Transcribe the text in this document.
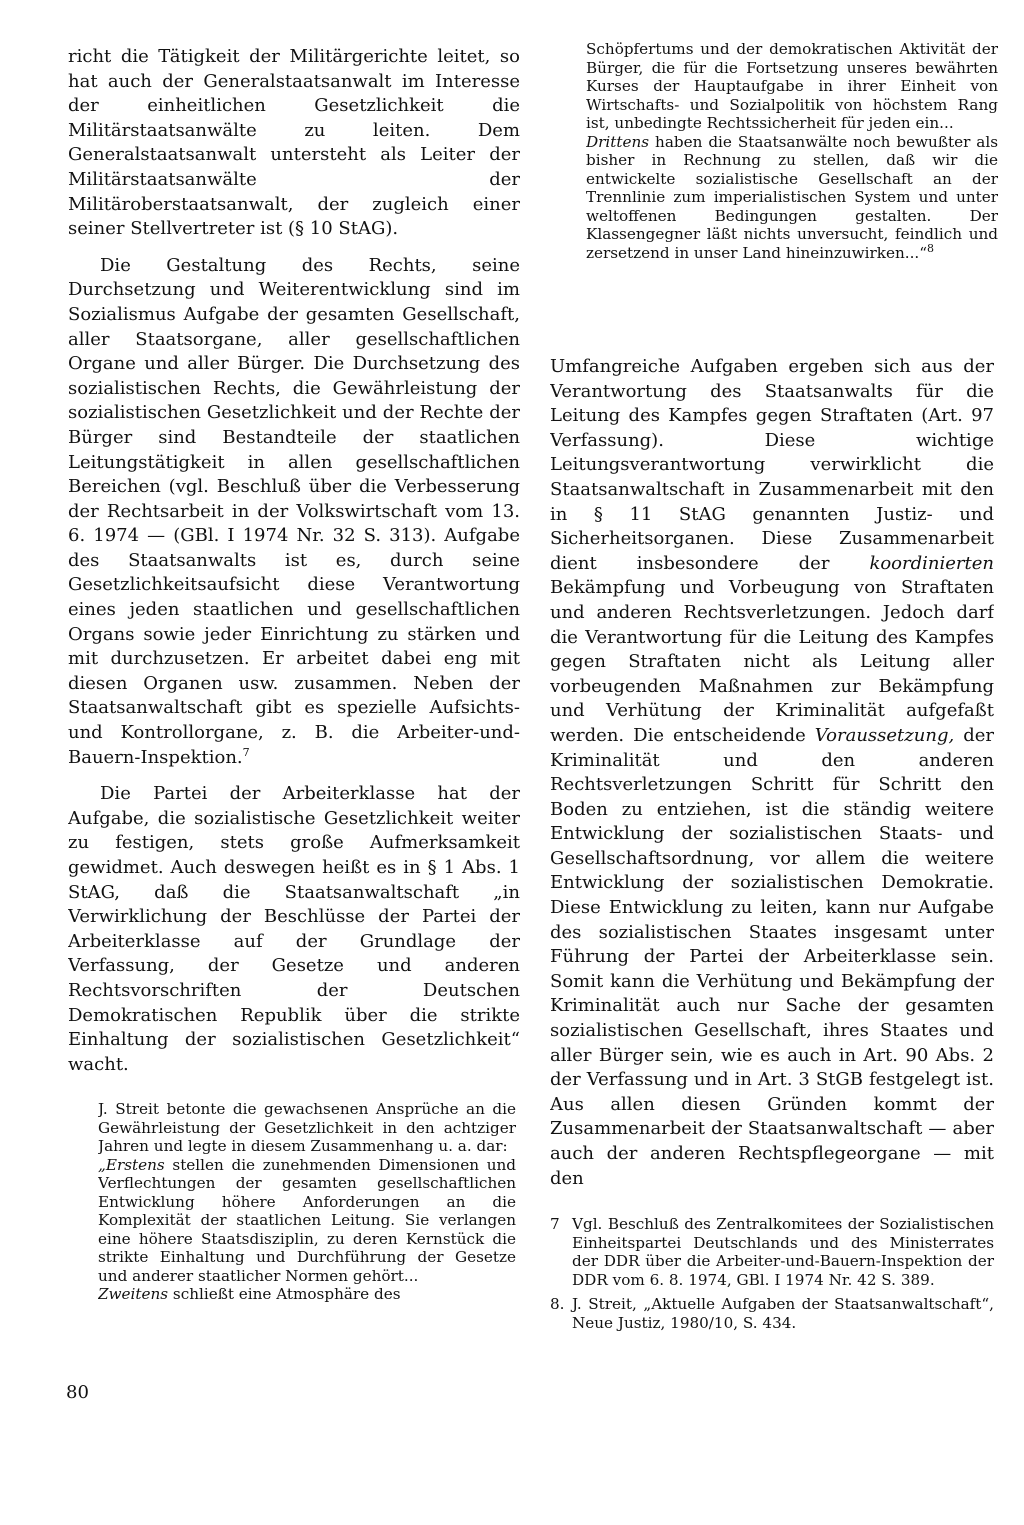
Schöpfertums und der demokratischen Aktivität der Bürger, die für die Fortsetzung unseres bewährten Kurses der Hauptaufgabe in ihrer Einheit von Wirtschafts- und Sozialpolitik von höchstem Rang ist, unbedingte Rechtssicherheit für jeden ein...
Drittens haben die Staatsanwälte noch bewußter als bisher in Rechnung zu stellen, daß wir die entwickelte sozialistische Gesellschaft an der Trennlinie zum imperialistischen System und unter weltoffenen Bedingungen gestalten. Der Klassengegner läßt nichts unversucht, feindlich und zersetzend in unser Land hineinzuwirken...“$^8$

richt die Tätigkeit der Militärgerichte leitet, so hat auch der Generalstaatsanwalt im Interesse der einheitlichen Gesetzlichkeit die Militärstaatsanwälte zu leiten. Dem Generalstaatsanwalt untersteht als Leiter der Militärstaatsanwälte der Militäroberstaatsanwalt, der zugleich einer seiner Stellvertreter ist (§ 10 StAG).

Die Gestaltung des Rechts, seine Durchsetzung und Weiterentwicklung sind im Sozialismus Aufgabe der gesamten Gesellschaft, aller Staatsorgane, aller gesellschaftlichen Organe und aller Bürger. Die Durchsetzung des sozialistischen Rechts, die Gewährleistung der sozialistischen Gesetzlichkeit und der Rechte der Bürger sind Bestandteile der staatlichen Leitungstätigkeit in allen gesellschaftlichen Bereichen (vgl. Beschluß über die Verbesserung der Rechtsarbeit in der Volkswirtschaft vom 13. 6. 1974 — (GBl. I 1974 Nr. 32 S. 313). Aufgabe des Staatsanwalts ist es, durch seine Gesetzlichkeitsaufsicht diese Verantwortung eines jeden staatlichen und gesellschaftlichen Organs sowie jeder Einrichtung zu stärken und mit durchzusetzen. Er arbeitet dabei eng mit diesen Organen usw. zusammen. Neben der Staatsanwaltschaft gibt es spezielle Aufsichts- und Kontrollorgane, z. B. die Arbeiter-und-Bauern-Inspektion.$^7$

Die Partei der Arbeiterklasse hat der Aufgabe, die sozialistische Gesetzlichkeit weiter zu festigen, stets große Aufmerksamkeit gewidmet. Auch deswegen heißt es in § 1 Abs. 1 StAG, daß die Staatsanwaltschaft „in Verwirklichung der Beschlüsse der Partei der Arbeiterklasse auf der Grundlage der Verfassung, der Gesetze und anderen Rechtsvorschriften der Deutschen Demokratischen Republik über die strikte Einhaltung der sozialistischen Gesetzlichkeit“ wacht.

J. Streit betonte die gewachsenen Ansprüche an die Gewährleistung der Gesetzlichkeit in den achtziger Jahren und legte in diesem Zusammenhang u. a. dar:

„Erstens stellen die zunehmenden Dimensionen und Verflechtungen der gesamten gesellschaftlichen Entwicklung höhere Anforderungen an die Komplexität der staatlichen Leitung. Sie verlangen eine höhere Staatsdisziplin, zu deren Kernstück die strikte Einhaltung und Durchführung der Gesetze und anderer staatlicher Normen gehört...
Zweitens schließt eine Atmosphäre des

Umfangreiche Aufgaben ergeben sich aus der Verantwortung des Staatsanwalts für die Leitung des Kampfes gegen Straftaten (Art. 97 Verfassung). Diese wichtige Leitungsverantwortung verwirklicht die Staatsanwaltschaft in Zusammenarbeit mit den in § 11 StAG genannten Justiz- und Sicherheitsorganen. Diese Zusammenarbeit dient insbesondere der koordinierten Bekämpfung und Vorbeugung von Straftaten und anderen Rechtsverletzungen. Jedoch darf die Verantwortung für die Leitung des Kampfes gegen Straftaten nicht als Leitung aller vorbeugenden Maßnahmen zur Bekämpfung und Verhütung der Kriminalität aufgefaßt werden. Die entscheidende Voraussetzung, der Kriminalität und den anderen Rechtsverletzungen Schritt für Schritt den Boden zu entziehen, ist die ständig weitere Entwicklung der sozialistischen Staats- und Gesellschaftsordnung, vor allem die weitere Entwicklung der sozialistischen Demokratie. Diese Entwicklung zu leiten, kann nur Aufgabe des sozialistischen Staates insgesamt unter Führung der Partei der Arbeiterklasse sein. Somit kann die Verhütung und Bekämpfung der Kriminalität auch nur Sache der gesamten sozialistischen Gesellschaft, ihres Staates und aller Bürger sein, wie es auch in Art. 90 Abs. 2 der Verfassung und in Art. 3 StGB festgelegt ist. Aus allen diesen Gründen kommt der Zusammenarbeit der Staatsanwaltschaft — aber auch der anderen Rechtspflegeorgane — mit den

7 Vgl. Beschluß des Zentralkomitees der Sozialistischen Einheitspartei Deutschlands und des Ministerrates der DDR über die Arbeiter-und-Bauern-Inspektion der DDR vom 6. 8. 1974, GBl. I 1974 Nr. 42 S. 389.
8. J. Streit, „Aktuelle Aufgaben der Staatsanwaltschaft“, Neue Justiz, 1980/10, S. 434.
80
